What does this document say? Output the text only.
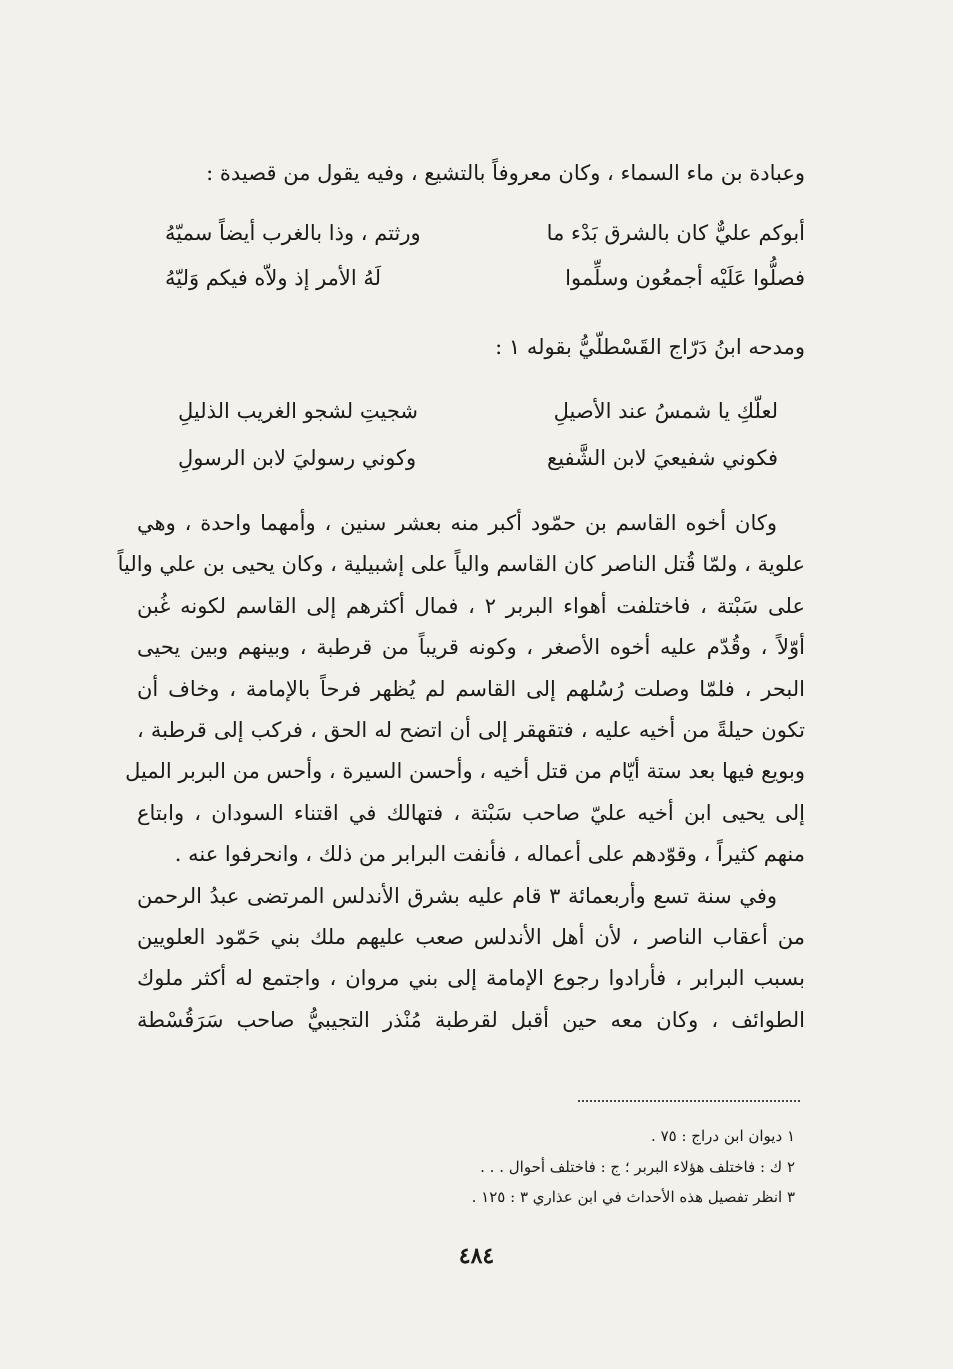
وعبادة بن ماء السماء ، وكان معروفاً بالتشيع ، وفيه يقول من قصيدة :
أبوكم عليٌّ كان بالشرق بَدْء ما
ورثتم ، وذا بالغرب أيضاً سميّهُ
فصلُّوا عَلَيْه أجمعُون وسلِّموا
لَهُ الأمر إذ ولاّه فيكم وَليّهُ
ومدحه ابنُ دَرّاج القَسْطلّيُّ بقوله ١ :
لعلّكِ يا شمسُ عند الأصيلِ
شجيتِ لشجو الغريب الذليلِ
فكوني شفيعيَ لابن الشَّفيع
وكوني رسوليَ لابن الرسولِ
وكان أخوه القاسم بن حمّود أكبر منه بعشر سنين ، وأمهما واحدة ، وهي
علوية ، ولمّا قُتل الناصر كان القاسم والياً على إشبيلية ، وكان يحيى بن علي والياً
على سَبْتة ، فاختلفت أهواء البربر ٢ ، فمال أكثرهم إلى القاسم لكونه غُبن
أوّلاً ، وقُدّم عليه أخوه الأصغر ، وكونه قريباً من قرطبة ، وبينهم وبين يحيى
البحر ، فلمّا وصلت رُسُلهم إلى القاسم لم يُظهر فرحاً بالإمامة ، وخاف أن
تكون حيلةً من أخيه عليه ، فتقهقر إلى أن اتضح له الحق ، فركب إلى قرطبة ،
وبويع فيها بعد ستة أيّام من قتل أخيه ، وأحسن السيرة ، وأحس من البربر الميل
إلى يحيى ابن أخيه عليّ صاحب سَبْتة ، فتهالك في اقتناء السودان ، وابتاع
منهم كثيراً ، وقوّدهم على أعماله ، فأنفت البرابر من ذلك ، وانحرفوا عنه .
وفي سنة تسع وأربعمائة ٣ قام عليه بشرق الأندلس المرتضى عبدُ الرحمن
من أعقاب الناصر ، لأن أهل الأندلس صعب عليهم ملك بني حَمّود العلويين
بسبب البرابر ، فأرادوا رجوع الإمامة إلى بني مروان ، واجتمع له أكثر ملوك
الطوائف ، وكان معه حين أقبل لقرطبة مُنْذر التجيبيُّ صاحب سَرَقُسْطة
١ ديوان ابن دراج : ٧٥ .
٢ ك : فاختلف هؤلاء البربر ؛ ج : فاختلف أحوال . . .
٣ انظر تفصيل هذه الأحداث في ابن عذاري ٣ : ١٢٥ .
٤٨٤
